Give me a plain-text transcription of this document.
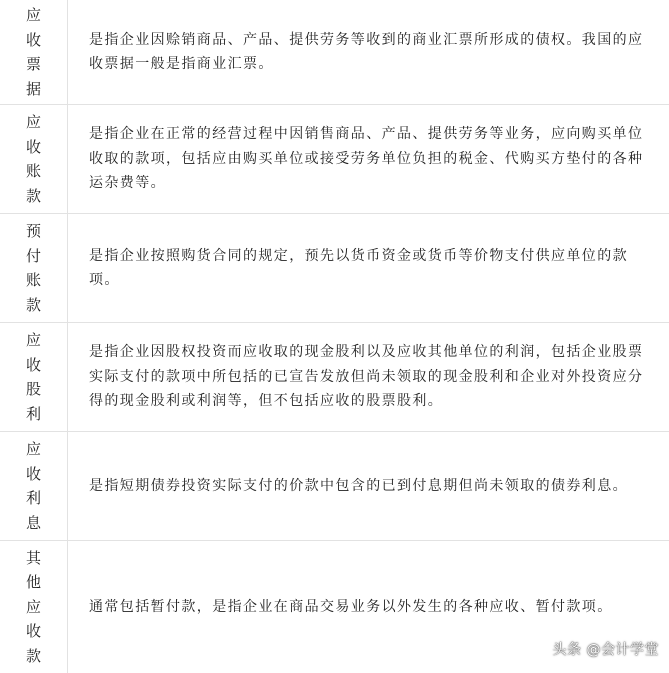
应收票据
是指企业因赊销商品、产品、提供劳务等收到的商业汇票所形成的债权。我国的应收票据一般是指商业汇票。
应收账款
是指企业在正常的经营过程中因销售商品、产品、提供劳务等业务，应向购买单位收取的款项，包括应由购买单位或接受劳务单位负担的税金、代购买方垫付的各种运杂费等。
预付账款
是指企业按照购货合同的规定，预先以货币资金或货币等价物支付供应单位的款项。
应收股利
是指企业因股权投资而应收取的现金股利以及应收其他单位的利润，包括企业股票实际支付的款项中所包括的已宣告发放但尚未领取的现金股利和企业对外投资应分得的现金股利或利润等，但不包括应收的股票股利。
应收利息
是指短期债券投资实际支付的价款中包含的已到付息期但尚未领取的债券利息。
其他应收款
通常包括暂付款，是指企业在商品交易业务以外发生的各种应收、暂付款项。
头条 @会计学堂
